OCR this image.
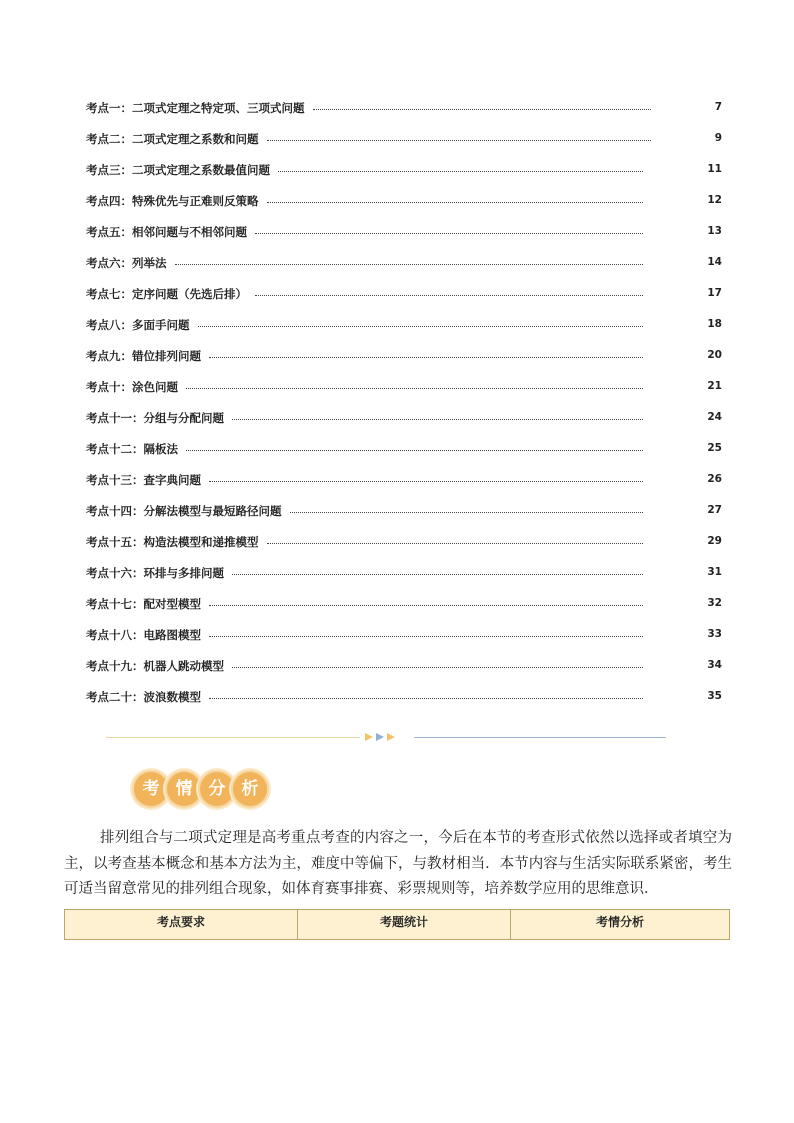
考点一：二项式定理之特定项、三项式问题	7
考点二：二项式定理之系数和问题	9
考点三：二项式定理之系数最值问题	11
考点四：特殊优先与正难则反策略	12
考点五：相邻问题与不相邻问题	13
考点六：列举法	14
考点七：定序问题（先选后排）	17
考点八：多面手问题	18
考点九：错位排列问题	20
考点十：涂色问题	21
考点十一：分组与分配问题	24
考点十二：隔板法	25
考点十三：查字典问题	26
考点十四：分解法模型与最短路径问题	27
考点十五：构造法模型和递推模型	29
考点十六：环排与多排问题	31
考点十七：配对型模型	32
考点十八：电路图模型	33
考点十九：机器人跳动模型	34
考点二十：波浪数模型	35
考 情 分 析
排列组合与二项式定理是高考重点考查的内容之一，今后在本节的考查形式依然以选择或者填空为主，以考查基本概念和基本方法为主，难度中等偏下，与教材相当．本节内容与生活实际联系紧密，考生可适当留意常见的排列组合现象，如体育赛事排赛、彩票规则等，培养数学应用的思维意识．
考点要求	考题统计	考情分析
